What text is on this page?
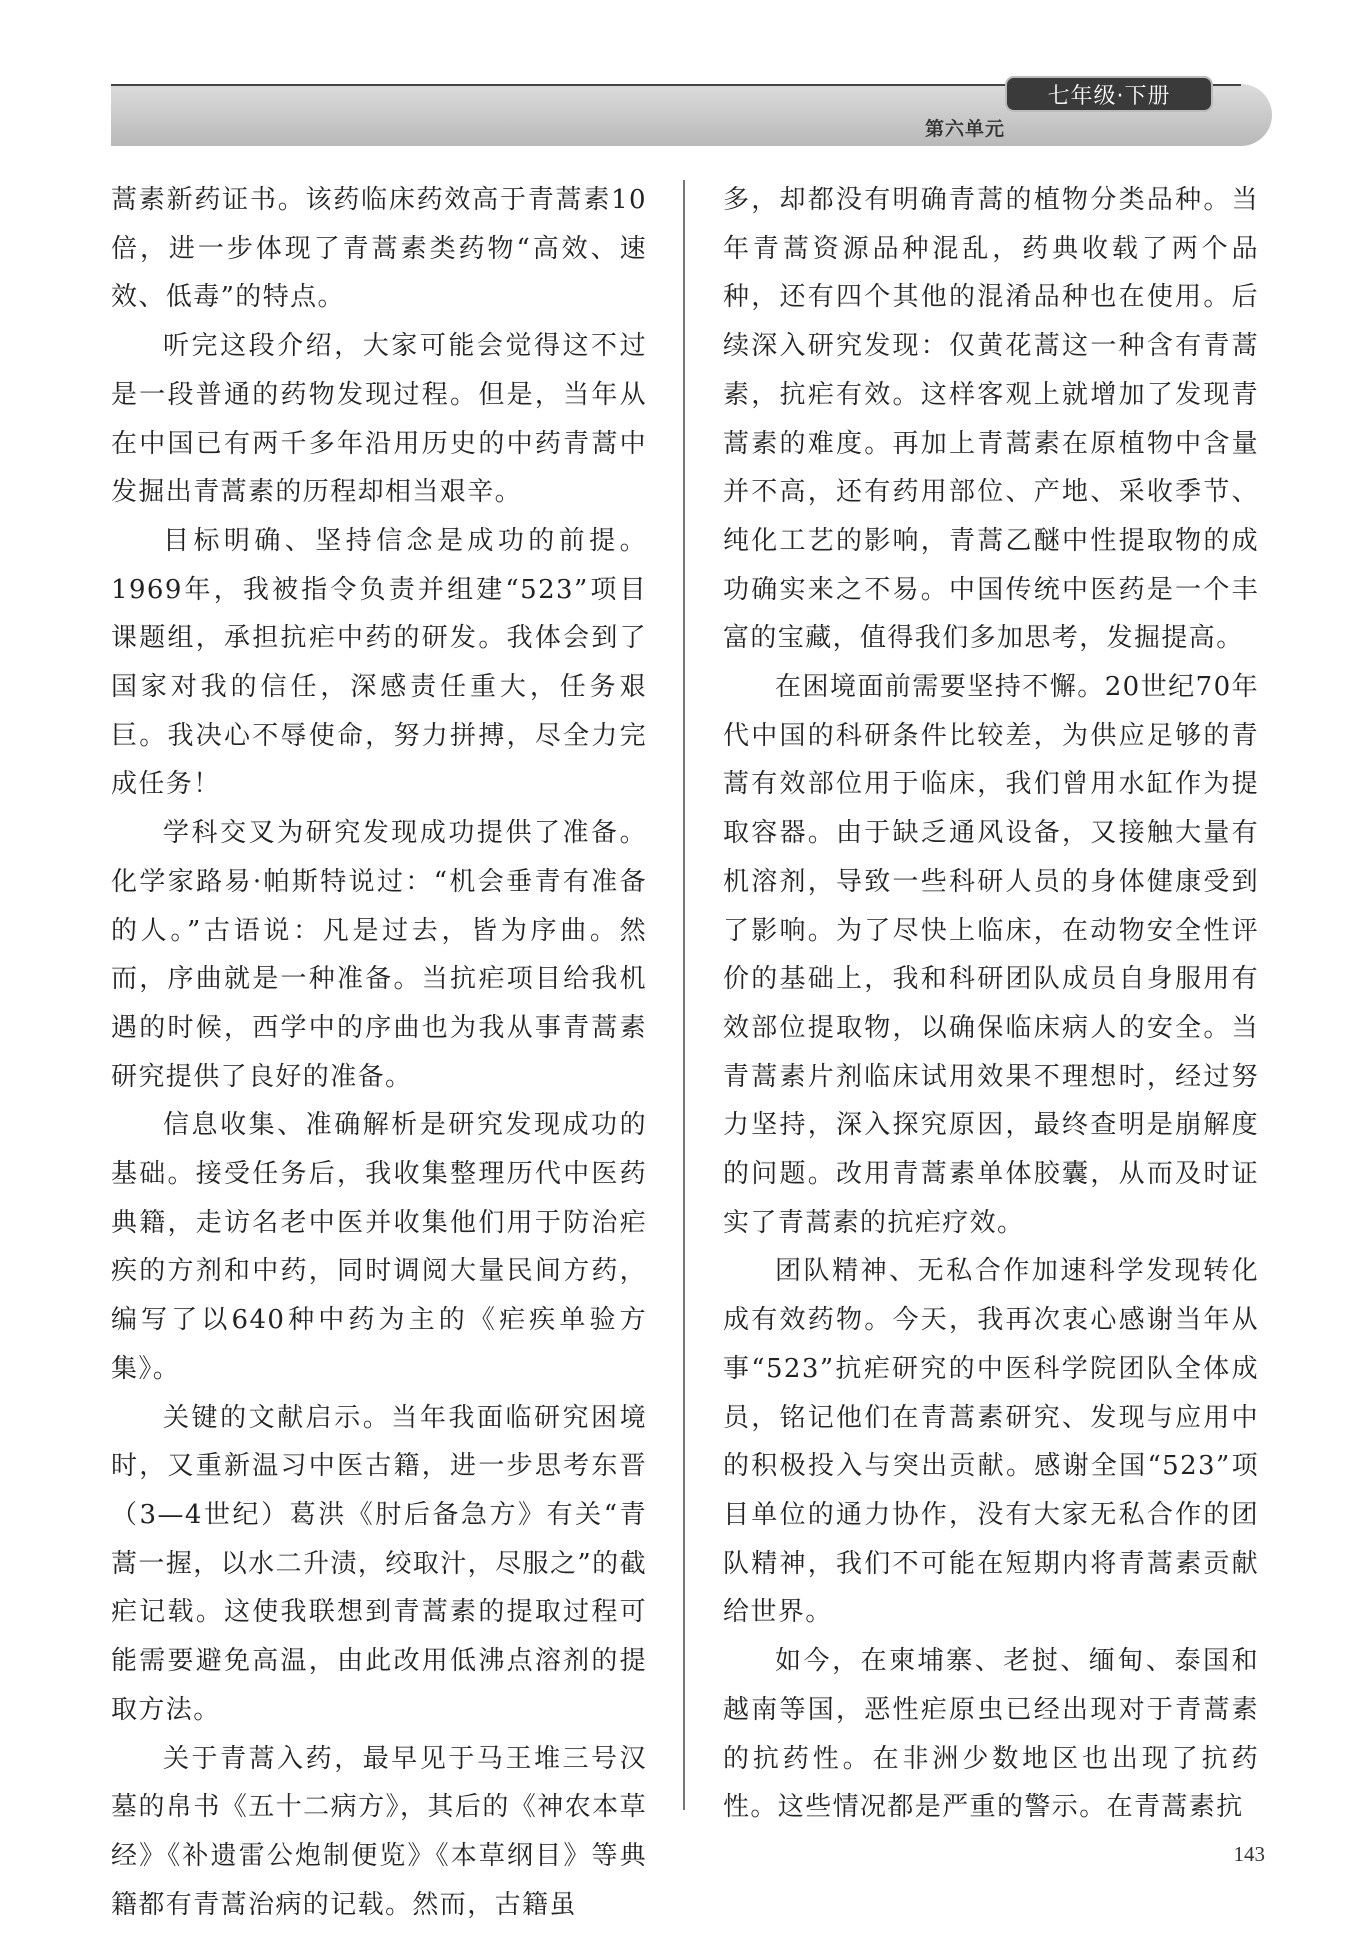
七年级·下册
第六单元

蒿素新药证书。该药临床药效高于青蒿素10倍，进一步体现了青蒿素类药物“高效、速效、低毒”的特点。

听完这段介绍，大家可能会觉得这不过是一段普通的药物发现过程。但是，当年从在中国已有两千多年沿用历史的中药青蒿中发掘出青蒿素的历程却相当艰辛。

目标明确、坚持信念是成功的前提。1969年，我被指令负责并组建“523”项目课题组，承担抗疟中药的研发。我体会到了国家对我的信任，深感责任重大，任务艰巨。我决心不辱使命，努力拼搏，尽全力完成任务！

学科交叉为研究发现成功提供了准备。化学家路易·帕斯特说过：“机会垂青有准备的人。”古语说：凡是过去，皆为序曲。然而，序曲就是一种准备。当抗疟项目给我机遇的时候，西学中的序曲也为我从事青蒿素研究提供了良好的准备。

信息收集、准确解析是研究发现成功的基础。接受任务后，我收集整理历代中医药典籍，走访名老中医并收集他们用于防治疟疾的方剂和中药，同时调阅大量民间方药，编写了以640种中药为主的《疟疾单验方集》。

关键的文献启示。当年我面临研究困境时，又重新温习中医古籍，进一步思考东晋（3—4世纪）葛洪《肘后备急方》有关“青蒿一握，以水二升渍，绞取汁，尽服之”的截疟记载。这使我联想到青蒿素的提取过程可能需要避免高温，由此改用低沸点溶剂的提取方法。

关于青蒿入药，最早见于马王堆三号汉墓的帛书《五十二病方》，其后的《神农本草经》《补遗雷公炮制便览》《本草纲目》等典籍都有青蒿治病的记载。然而，古籍虽

多，却都没有明确青蒿的植物分类品种。当年青蒿资源品种混乱，药典收载了两个品种，还有四个其他的混淆品种也在使用。后续深入研究发现：仅黄花蒿这一种含有青蒿素，抗疟有效。这样客观上就增加了发现青蒿素的难度。再加上青蒿素在原植物中含量并不高，还有药用部位、产地、采收季节、纯化工艺的影响，青蒿乙醚中性提取物的成功确实来之不易。中国传统中医药是一个丰富的宝藏，值得我们多加思考，发掘提高。

在困境面前需要坚持不懈。20世纪70年代中国的科研条件比较差，为供应足够的青蒿有效部位用于临床，我们曾用水缸作为提取容器。由于缺乏通风设备，又接触大量有机溶剂，导致一些科研人员的身体健康受到了影响。为了尽快上临床，在动物安全性评价的基础上，我和科研团队成员自身服用有效部位提取物，以确保临床病人的安全。当青蒿素片剂临床试用效果不理想时，经过努力坚持，深入探究原因，最终查明是崩解度的问题。改用青蒿素单体胶囊，从而及时证实了青蒿素的抗疟疗效。

团队精神、无私合作加速科学发现转化成有效药物。今天，我再次衷心感谢当年从事“523”抗疟研究的中医科学院团队全体成员，铭记他们在青蒿素研究、发现与应用中的积极投入与突出贡献。感谢全国“523”项目单位的通力协作，没有大家无私合作的团队精神，我们不可能在短期内将青蒿素贡献给世界。

如今，在柬埔寨、老挝、缅甸、泰国和越南等国，恶性疟原虫已经出现对于青蒿素的抗药性。在非洲少数地区也出现了抗药性。这些情况都是严重的警示。在青蒿素抗

143
